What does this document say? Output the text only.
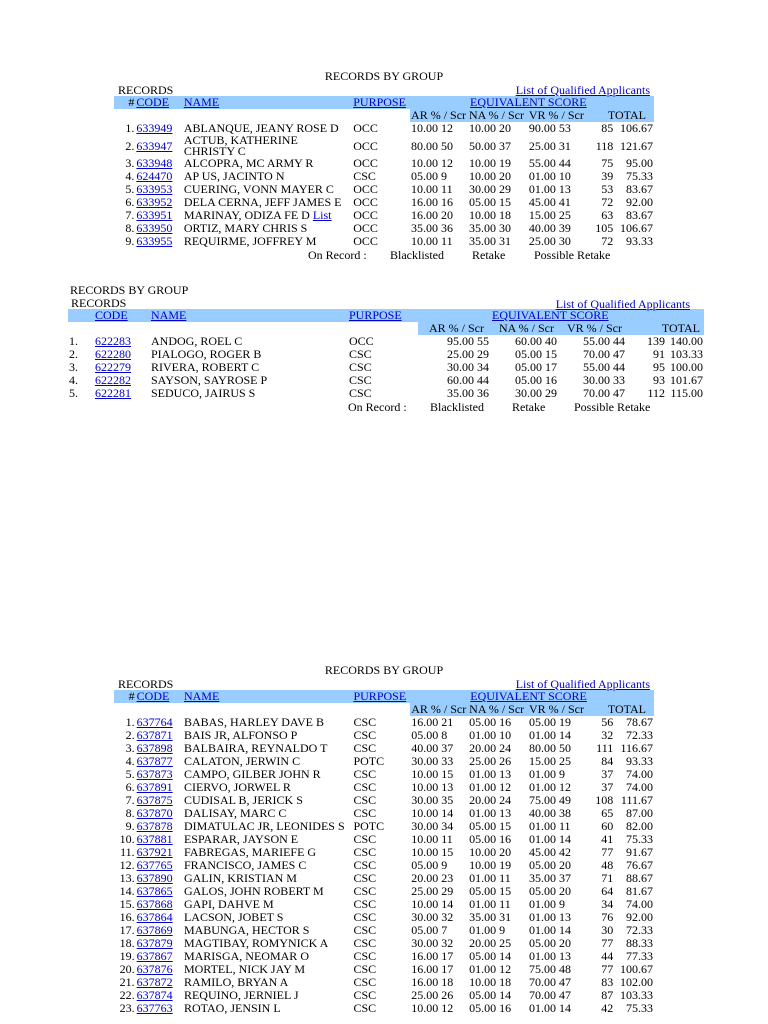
RECORDS BY GROUP
RECORDS	List of Qualified Applicants
#	CODE	NAME	PURPOSE	EQUIVALENT SCORE				
				AR % / Scr	NA % / Scr	VR % / Scr	TOTAL	
1.	633949	ABLANQUE, JEANY ROSE D	OCC	10.00 12	10.00 20	90.00 53	85	106.67
2.	633947	ACTUB, KATHERINE CHRISTY C	OCC	80.00 50	50.00 37	25.00 31	118	121.67
3.	633948	ALCOPRA, MC ARMY R	OCC	10.00 12	10.00 19	55.00 44	75	95.00
4.	624470	AP US, JACINTO N	CSC	05.00 9	10.00 20	01.00 10	39	75.33
5.	633953	CUERING, VONN MAYER C	OCC	10.00 11	30.00 29	01.00 13	53	83.67
6.	633952	DELA CERNA, JEFF JAMES E	OCC	16.00 16	05.00 15	45.00 41	72	92.00
7.	633951	MARINAY, ODIZA FE D List	OCC	16.00 20	10.00 18	15.00 25	63	83.67
8.	633950	ORTIZ, MARY CHRIS S	OCC	35.00 36	35.00 30	40.00 39	105	106.67
9.	633955	REQUIRME, JOFFREY M	OCC	10.00 11	35.00 31	25.00 30	72	93.33
On Record : Blacklisted Retake Possible Retake
RECORDS BY GROUP
RECORDS	List of Qualified Applicants
	CODE	NAME	PURPOSE	EQUIVALENT SCORE				
				AR % / Scr	NA % / Scr	VR % / Scr	TOTAL	
1.	622283	ANDOG, ROEL C	OCC	95.00 55	60.00 40	55.00 44	139	140.00
2.	622280	PIALOGO, ROGER B	CSC	25.00 29	05.00 15	70.00 47	91	103.33
3.	622279	RIVERA, ROBERT C	CSC	30.00 34	05.00 17	55.00 44	95	100.00
4.	622282	SAYSON, SAYROSE P	CSC	60.00 44	05.00 16	30.00 33	93	101.67
5.	622281	SEDUCO, JAIRUS S	CSC	35.00 36	30.00 29	70.00 47	112	115.00
On Record : Blacklisted Retake Possible Retake
RECORDS BY GROUP
RECORDS	List of Qualified Applicants
#	CODE	NAME	PURPOSE	EQUIVALENT SCORE				
				AR % / Scr	NA % / Scr	VR % / Scr	TOTAL	
1.	637764	BABAS, HARLEY DAVE B	CSC	16.00 21	05.00 16	05.00 19	56	78.67
2.	637871	BAIS JR, ALFONSO P	CSC	05.00 8	01.00 10	01.00 14	32	72.33
3.	637898	BALBAIRA, REYNALDO T	CSC	40.00 37	20.00 24	80.00 50	111	116.67
4.	637877	CALATON, JERWIN C	POTC	30.00 33	25.00 26	15.00 25	84	93.33
5.	637873	CAMPO, GILBER JOHN R	CSC	10.00 15	01.00 13	01.00 9	37	74.00
6.	637891	CIERVO, JORWEL R	CSC	10.00 13	01.00 12	01.00 12	37	74.00
7.	637875	CUDISAL B, JERICK S	CSC	30.00 35	20.00 24	75.00 49	108	111.67
8.	637870	DALISAY, MARC C	CSC	10.00 14	01.00 13	40.00 38	65	87.00
9.	637878	DIMATULAC JR, LEONIDES S	POTC	30.00 34	05.00 15	01.00 11	60	82.00
10.	637881	ESPARAR, JAYSON E	CSC	10.00 11	05.00 16	01.00 14	41	75.33
11.	637921	FABREGAS, MARIEFE G	CSC	10.00 15	10.00 20	45.00 42	77	91.67
12.	637765	FRANCISCO, JAMES C	CSC	05.00 9	10.00 19	05.00 20	48	76.67
13.	637890	GALIN, KRISTIAN M	CSC	20.00 23	01.00 11	35.00 37	71	88.67
14.	637865	GALOS, JOHN ROBERT M	CSC	25.00 29	05.00 15	05.00 20	64	81.67
15.	637868	GAPI, DAHVE M	CSC	10.00 14	01.00 11	01.00 9	34	74.00
16.	637864	LACSON, JOBET S	CSC	30.00 32	35.00 31	01.00 13	76	92.00
17.	637869	MABUNGA, HECTOR S	CSC	05.00 7	01.00 9	01.00 14	30	72.33
18.	637879	MAGTIBAY, ROMYNICK A	CSC	30.00 32	20.00 25	05.00 20	77	88.33
19.	637867	MARISGA, NEOMAR O	CSC	16.00 17	05.00 14	01.00 13	44	77.33
20.	637876	MORTEL, NICK JAY M	CSC	16.00 17	01.00 12	75.00 48	77	100.67
21.	637872	RAMILO, BRYAN A	CSC	16.00 18	10.00 18	70.00 47	83	102.00
22.	637874	REQUINO, JERNIEL J	CSC	25.00 26	05.00 14	70.00 47	87	103.33
23.	637763	ROTAO, JENSIN L	CSC	10.00 12	05.00 16	01.00 14	42	75.33
